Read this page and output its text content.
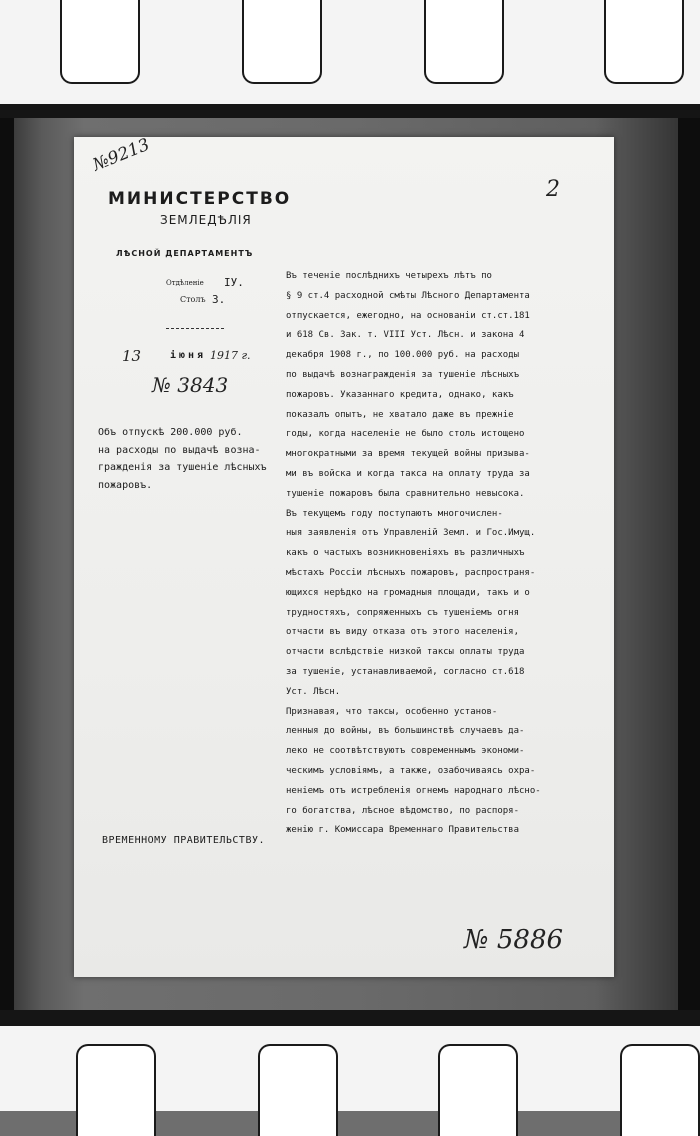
№9213
2
МИНИСТЕРСТВО
ЗЕМЛЕДѢЛІЯ
ЛѢСНОЙ ДЕПАРТАМЕНТЪ
Отдѣленіе IУ.
Столъ 3.
13	іюня 1917 г.
№ 3843
Объ отпускѣ 200.000 руб.
на расходы по выдачѣ возна-
гражденія за тушеніе лѣсныхъ
пожаровъ.
Въ теченіе послѣднихъ четырехъ лѣтъ по
§ 9 ст.4 расходной смѣты Лѣсного Департамента
отпускается, ежегодно, на основаніи ст.ст.181
и 618 Св. Зак. т. VIII Уст. Лѣсн. и закона 4
декабря 1908 г., по 100.000 руб. на расходы
по выдачѣ вознагражденія за тушеніе лѣсныхъ
пожаровъ. Указаннаго кредита, однако, какъ
показалъ опытъ, не хватало даже въ прежніе
годы, когда населеніе не было столь истощено
многократными за время текущей войны призыва-
ми въ войска и когда такса на оплату труда за
тушеніе пожаровъ была сравнительно невысока.
Въ текущемъ году поступаютъ многочислен-
ныя заявленія отъ Управленій Земл. и Гос.Имущ.
какъ о частыхъ возникновеніяхъ въ различныхъ
мѣстахъ Россіи лѣсныхъ пожаровъ, распространя-
ющихся нерѣдко на громадныя площади, такъ и о
трудностяхъ, сопряженныхъ съ тушеніемъ огня
отчасти въ виду отказа отъ этого населенія,
отчасти вслѣдствіе низкой таксы оплаты труда
за тушеніе, устанавливаемой, согласно ст.618
Уст. Лѣсн.
Признавая, что таксы, особенно установ-
ленныя до войны, въ большинствѣ случаевъ да-
леко не соотвѣтствуютъ современнымъ экономи-
ческимъ условіямъ, а также, озабочиваясь охра-
неніемъ отъ истребленія огнемъ народнаго лѣсно-
го богатства, лѣсное вѣдомство, по распоря-
женію г. Комиссара Временнаго Правительства
ВРЕМЕННОМУ ПРАВИТЕЛЬСТВУ.
№ 5886
